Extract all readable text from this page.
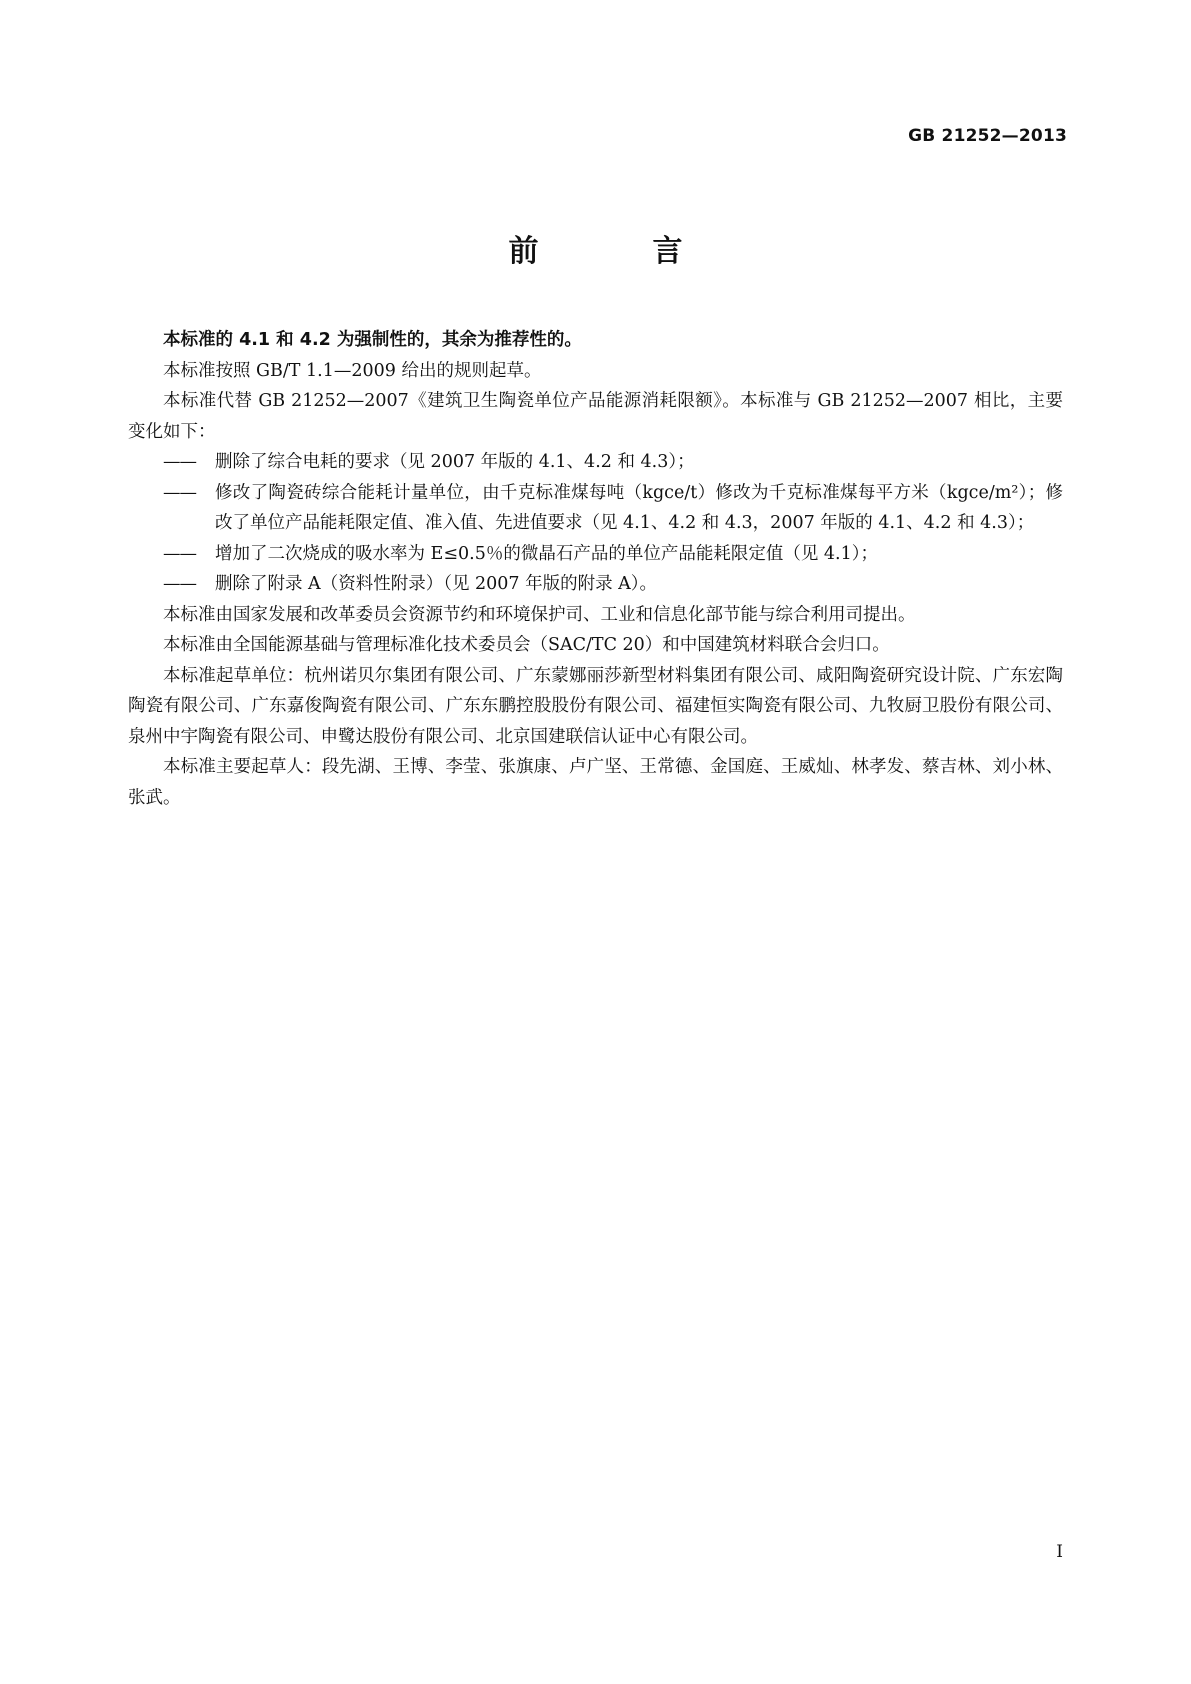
GB 21252—2013
前　言

本标准的 4.1 和 4.2 为强制性的，其余为推荐性的。

本标准按照 GB/T 1.1—2009 给出的规则起草。

本标准代替 GB 21252—2007《建筑卫生陶瓷单位产品能源消耗限额》。本标准与 GB 21252—2007 相比，主要变化如下：

—— 删除了综合电耗的要求（见 2007 年版的 4.1、4.2 和 4.3）；
—— 修改了陶瓷砖综合能耗计量单位，由千克标准煤每吨（kgce/t）修改为千克标准煤每平方米（kgce/m²）；修改了单位产品能耗限定值、准入值、先进值要求（见 4.1、4.2 和 4.3，2007 年版的 4.1、4.2 和 4.3）；
—— 增加了二次烧成的吸水率为 E≤0.5％的微晶石产品的单位产品能耗限定值（见 4.1）；
—— 删除了附录 A（资料性附录）（见 2007 年版的附录 A）。

本标准由国家发展和改革委员会资源节约和环境保护司、工业和信息化部节能与综合利用司提出。

本标准由全国能源基础与管理标准化技术委员会（SAC/TC 20）和中国建筑材料联合会归口。

本标准起草单位：杭州诺贝尔集团有限公司、广东蒙娜丽莎新型材料集团有限公司、咸阳陶瓷研究设计院、广东宏陶陶瓷有限公司、广东嘉俊陶瓷有限公司、广东东鹏控股股份有限公司、福建恒实陶瓷有限公司、九牧厨卫股份有限公司、泉州中宇陶瓷有限公司、申鹭达股份有限公司、北京国建联信认证中心有限公司。

本标准主要起草人：段先湖、王博、李莹、张旗康、卢广坚、王常德、金国庭、王威灿、林孝发、蔡吉林、刘小林、张武。

I
